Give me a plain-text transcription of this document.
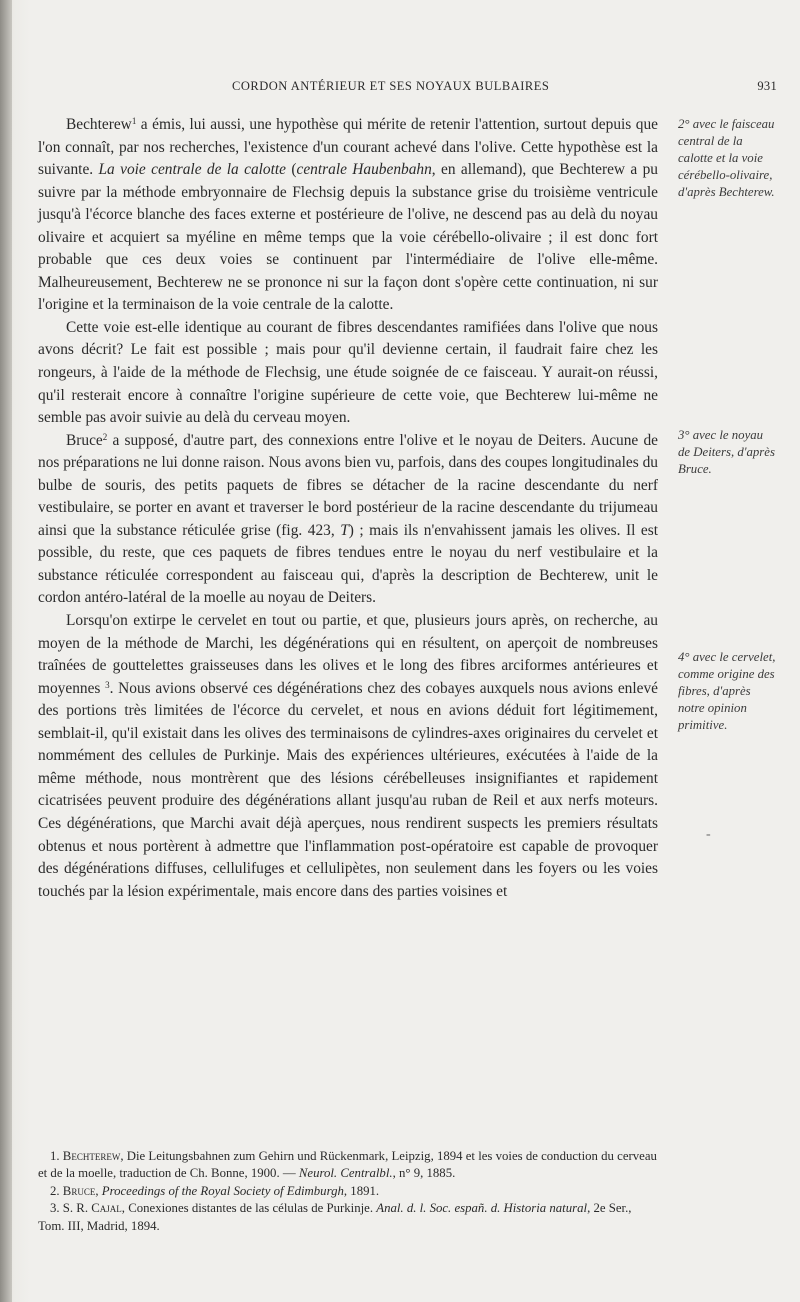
CORDON ANTÉRIEUR ET SES NOYAUX BULBAIRES	931

Bechterew$^1$ a émis, lui aussi, une hypothèse qui mérite de retenir l'attention, surtout depuis que l'on connaît, par nos recherches, l'existence d'un courant achevé dans l'olive. Cette hypothèse est la suivante. La voie centrale de la calotte (centrale Haubenbahn, en allemand), que Bechterew a pu suivre par la méthode embryonnaire de Flechsig depuis la substance grise du troisième ventricule jusqu'à l'écorce blanche des faces externe et postérieure de l'olive, ne descend pas au delà du noyau olivaire et acquiert sa myéline en même temps que la voie cérébello-olivaire ; il est donc fort probable que ces deux voies se continuent par l'intermédiaire de l'olive elle-même. Malheureusement, Bechterew ne se prononce ni sur la façon dont s'opère cette continuation, ni sur l'origine et la terminaison de la voie centrale de la calotte.

Cette voie est-elle identique au courant de fibres descendantes ramifiées dans l'olive que nous avons décrit? Le fait est possible ; mais pour qu'il devienne certain, il faudrait faire chez les rongeurs, à l'aide de la méthode de Flechsig, une étude soignée de ce faisceau. Y aurait-on réussi, qu'il resterait encore à connaître l'origine supérieure de cette voie, que Bechterew lui-même ne semble pas avoir suivie au delà du cerveau moyen.

Bruce$^2$ a supposé, d'autre part, des connexions entre l'olive et le noyau de Deiters. Aucune de nos préparations ne lui donne raison. Nous avons bien vu, parfois, dans des coupes longitudinales du bulbe de souris, des petits paquets de fibres se détacher de la racine descendante du nerf vestibulaire, se porter en avant et traverser le bord postérieur de la racine descendante du trijumeau ainsi que la substance réticulée grise (fig. 423, T) ; mais ils n'envahissent jamais les olives. Il est possible, du reste, que ces paquets de fibres tendues entre le noyau du nerf vestibulaire et la substance réticulée correspondent au faisceau qui, d'après la description de Bechterew, unit le cordon antéro-latéral de la moelle au noyau de Deiters.

Lorsqu'on extirpe le cervelet en tout ou partie, et que, plusieurs jours après, on recherche, au moyen de la méthode de Marchi, les dégénérations qui en résultent, on aperçoit de nombreuses traînées de gouttelettes graisseuses dans les olives et le long des fibres arciformes antérieures et moyennes $^3$. Nous avions observé ces dégénérations chez des cobayes auxquels nous avions enlevé des portions très limitées de l'écorce du cervelet, et nous en avions déduit fort légitimement, semblait-il, qu'il existait dans les olives des terminaisons de cylindres-axes originaires du cervelet et nommément des cellules de Purkinje. Mais des expériences ultérieures, exécutées à l'aide de la même méthode, nous montrèrent que des lésions cérébelleuses insignifiantes et rapidement cicatrisées peuvent produire des dégénérations allant jusqu'au ruban de Reil et aux nerfs moteurs. Ces dégénérations, que Marchi avait déjà aperçues, nous rendirent suspects les premiers résultats obtenus et nous portèrent à admettre que l'inflammation post-opératoire est capable de provoquer des dégénérations diffuses, cellulifuges et cellulipètes, non seulement dans les foyers ou les voies touchés par la lésion expérimentale, mais encore dans des parties voisines et

2° avec le faisceau central de la calotte et la voie cérébello-olivaire, d'après Bechterew.
3° avec le noyau de Deiters, d'après Bruce.
4° avec le cervelet, comme origine des fibres, d'après notre opinion primitive.
-

1. Bechterew, Die Leitungsbahnen zum Gehirn und Rückenmark, Leipzig, 1894 et les voies de conduction du cerveau et de la moelle, traduction de Ch. Bonne, 1900. — Neurol. Centralbl., n° 9, 1885.

2. Bruce, Proceedings of the Royal Society of Edimburgh, 1891.

3. S. R. Cajal, Conexiones distantes de las células de Purkinje. Anal. d. l. Soc. españ. d. Historia natural, 2e Ser., Tom. III, Madrid, 1894.
